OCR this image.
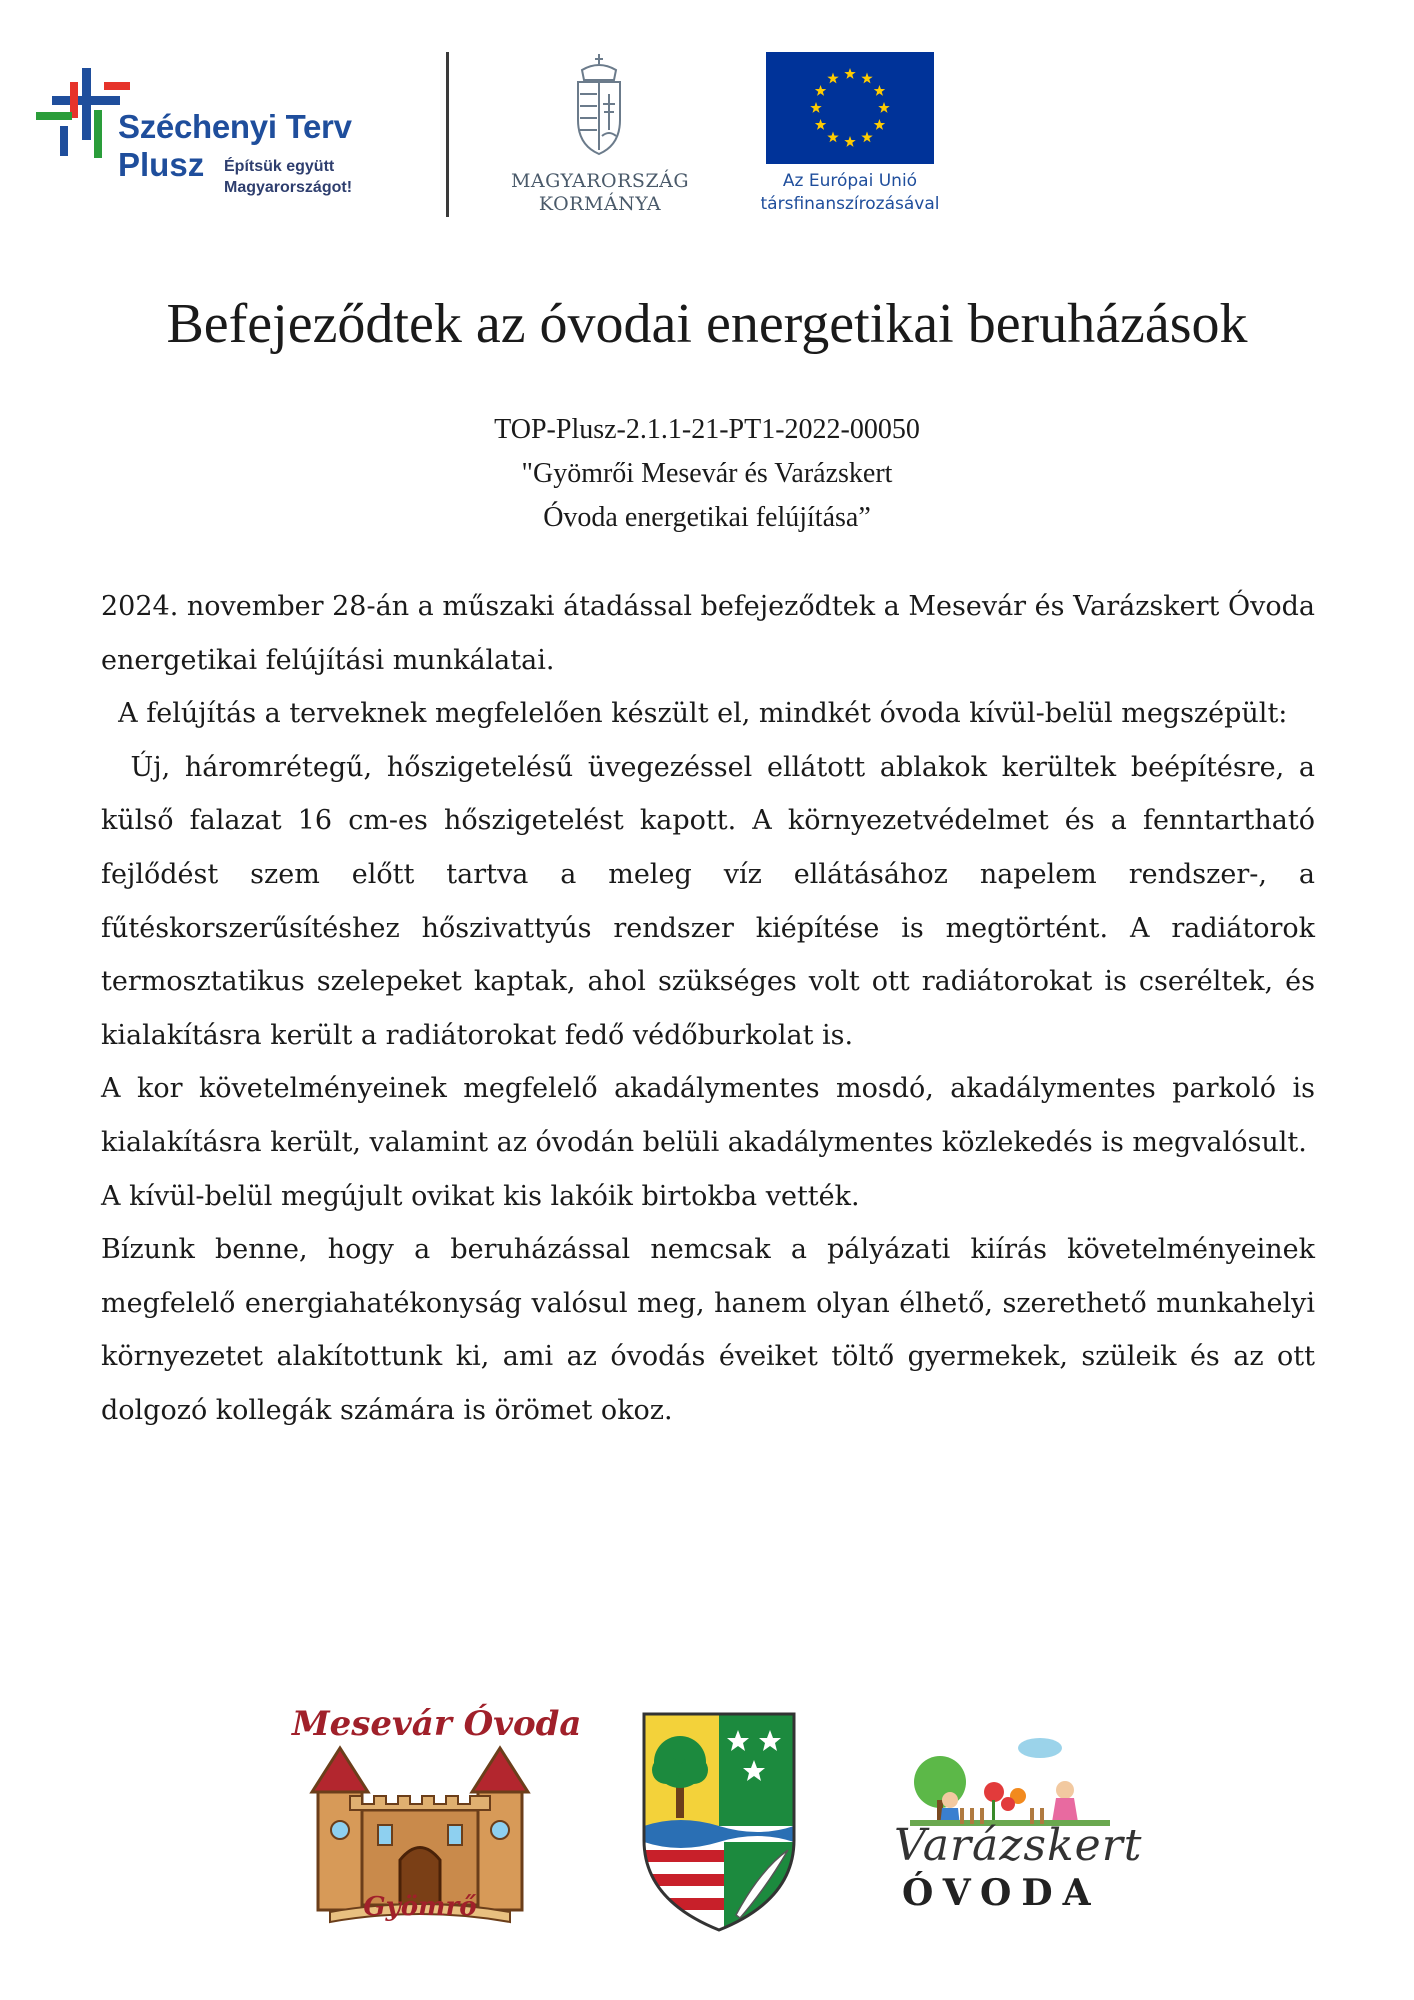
Széchenyi Terv
Plusz Építsük együtt
Magyarországot!	MAGYARORSZÁG
KORMÁNYA
Az Európai Unió
társfinanszírozásával
Befejeződtek az óvodai energetikai beruházások
TOP-Plusz-2.1.1-21-PT1-2022-00050
"Gyömrői Mesevár és Varázskert
Óvoda energetikai felújítása”

2024. november 28-án a műszaki átadással befejeződtek a Mesevár és Varázskert Óvoda energetikai felújítási munkálatai.

A felújítás a terveknek megfelelően készült el, mindkét óvoda kívül-belül megszépült:

Új, háromrétegű, hőszigetelésű üvegezéssel ellátott ablakok kerültek beépítésre, a külső falazat 16 cm-es hőszigetelést kapott. A környezetvédelmet és a fenntartható fejlődést szem előtt tartva a meleg víz ellátásához napelem rendszer-, a fűtéskorszerűsítéshez hőszivattyús rendszer kiépítése is megtörtént. A radiátorok termosztatikus szelepeket kaptak, ahol szükséges volt ott radiátorokat is cseréltek, és kialakításra került a radiátorokat fedő védőburkolat is.

A kor követelményeinek megfelelő akadálymentes mosdó, akadálymentes parkoló is kialakításra került, valamint az óvodán belüli akadálymentes közlekedés is megvalósult.

A kívül-belül megújult ovikat kis lakóik birtokba vették.

Bízunk benne, hogy a beruházással nemcsak a pályázati kiírás követelményeinek megfelelő energiahatékonyság valósul meg, hanem olyan élhető, szerethető munkahelyi környezetet alakítottunk ki, ami az óvodás éveiket töltő gyermekek, szüleik és az ott dolgozó kollegák számára is örömet okoz.

Mesevár Óvoda
Gyömrő
Varázskert
ÓVODA
